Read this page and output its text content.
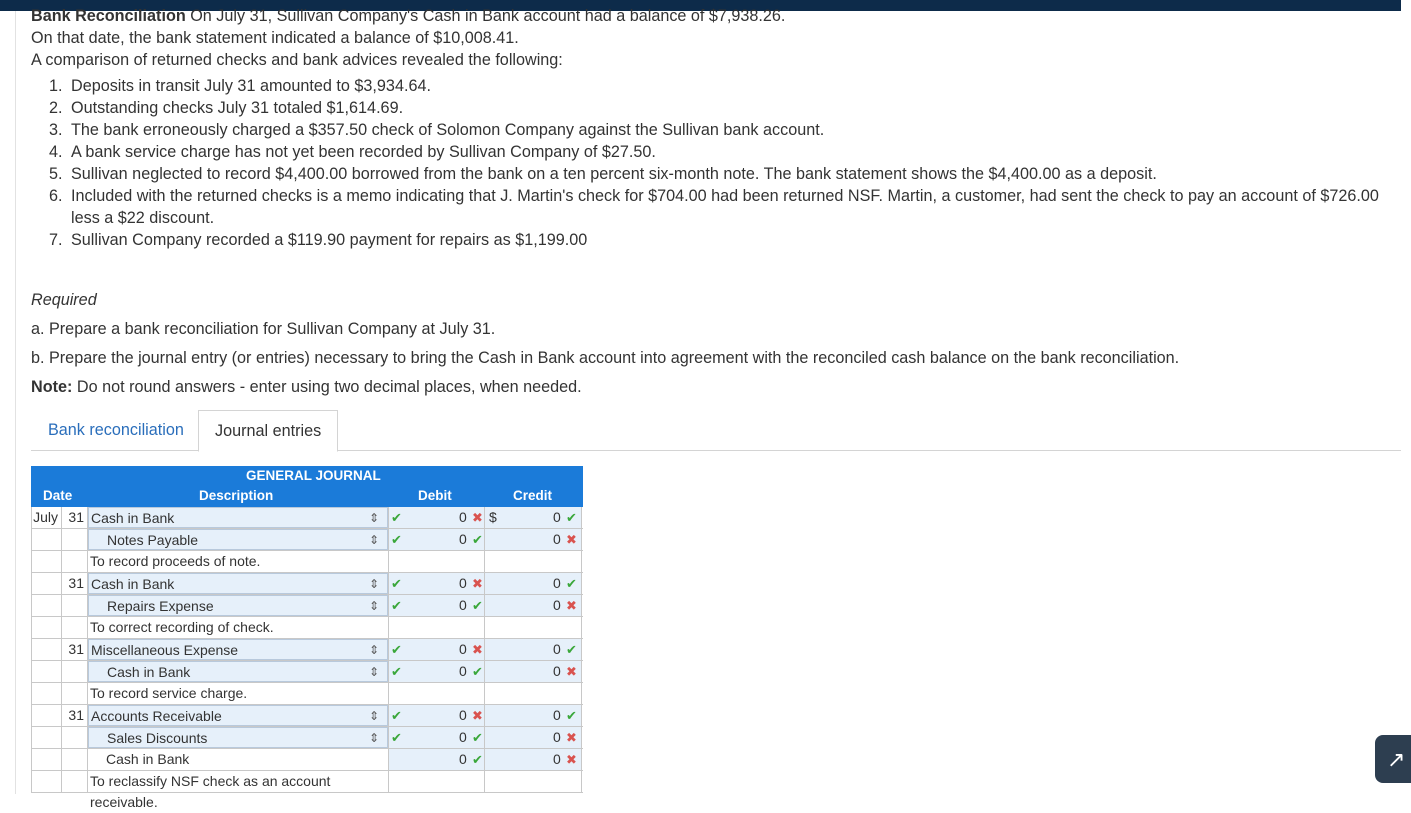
Bank Reconciliation On July 31, Sullivan Company's Cash in Bank account had a balance of $7,938.26.

On that date, the bank statement indicated a balance of $10,008.41.

A comparison of returned checks and bank advices revealed the following:

1. Deposits in transit July 31 amounted to $3,934.64.
2. Outstanding checks July 31 totaled $1,614.69.
3. The bank erroneously charged a $357.50 check of Solomon Company against the Sullivan bank account.
4. A bank service charge has not yet been recorded by Sullivan Company of $27.50.
5. Sullivan neglected to record $4,400.00 borrowed from the bank on a ten percent six-month note. The bank statement shows the $4,400.00 as a deposit.
6. Included with the returned checks is a memo indicating that J. Martin's check for $704.00 had been returned NSF. Martin, a customer, had sent the check to pay an account of $726.00 less a $22 discount.
7. Sullivan Company recorded a $119.90 payment for repairs as $1,199.00

Required

a. Prepare a bank reconciliation for Sullivan Company at July 31.

b. Prepare the journal entry (or entries) necessary to bring the Cash in Bank account into agreement with the reconciled cash balance on the bank reconciliation.

Note: Do not round answers - enter using two decimal places, when needed.

Bank reconciliation	Journal entries
GENERAL JOURNAL
Date	Description	Debit	Credit
July 31 Cash in Bank	⇕ ✔	0 ✖ $	0 ✔
Notes Payable	⇕ ✔	0 ✔	0 ✖
To record proceeds of note.
31 Cash in Bank	⇕ ✔	0 ✖	0 ✔
Repairs Expense	⇕ ✔	0 ✔	0 ✖
To correct recording of check.
31 Miscellaneous Expense	⇕ ✔	0 ✖	0 ✔
Cash in Bank	⇕ ✔	0 ✔	0 ✖
To record service charge.
31 Accounts Receivable	⇕ ✔	0 ✖	0 ✔
Sales Discounts	⇕ ✔	0 ✔	0 ✖
Cash in Bank	0 ✔	0 ✖
To reclassify NSF check as an account receivable.
↗
